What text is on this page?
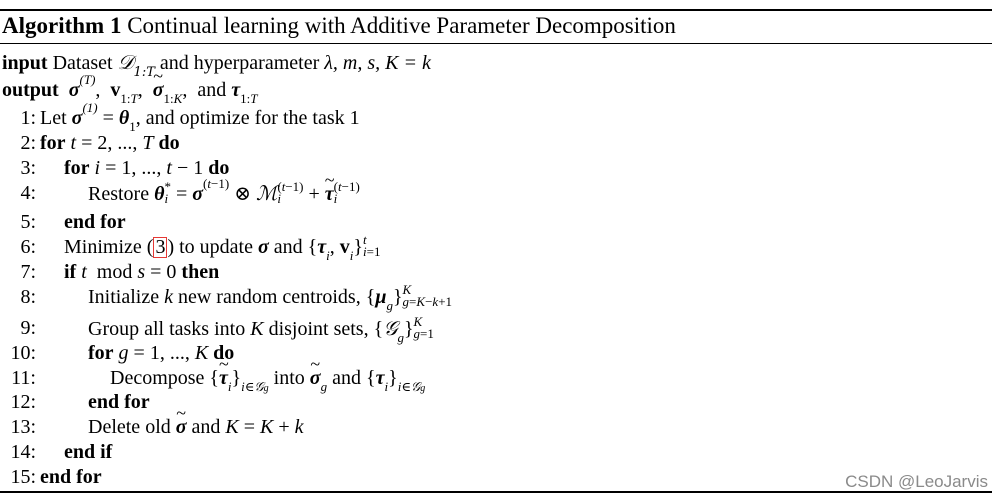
Algorithm 1 Continual learning with Additive Parameter Decomposition
input Dataset 𝒟$_{1:T}$ and hyperparameter λ, m, s, K = k
output $\sigma^{(T)}$, $v_{1:T}$, ~ $\sigma_{1:K}$, and $\tau_{1:T}$
1: Let $\sigma^{(1)} = \theta_1$, and optimize for the task 1
2: for t = 2, ..., T do
3: for i = 1, ..., t − 1 do
4:	Restore θ *
$i = \sigma^{(t-1)}$ ⊗ ℳ (t−1)
i	+ ~ τ (t−1)
i
5: end for
6: Minimize ( 3 ) to update σ and {$\tau_i$, $v_i$} t
i=1
7: if t mod s = 0 then
8:	Initialize k new random centroids, $\{\mu_g\}$ K
g=K−k+1
9:	Group all tasks into K disjoint sets, {𝒢$_g$} K
g=1
10:	for g = 1, ..., K do
11:	Decompose {~ $\tau_i\}_{i\in 𝒢g}$ into ~ $\sigma_g$ and $\{\tau_i\}_{i\in 𝒢g}$
12:	end for
13:	Delete old ~ σ and K = K + k
14: end if
15: end for	CSDN @LeoJarvis
